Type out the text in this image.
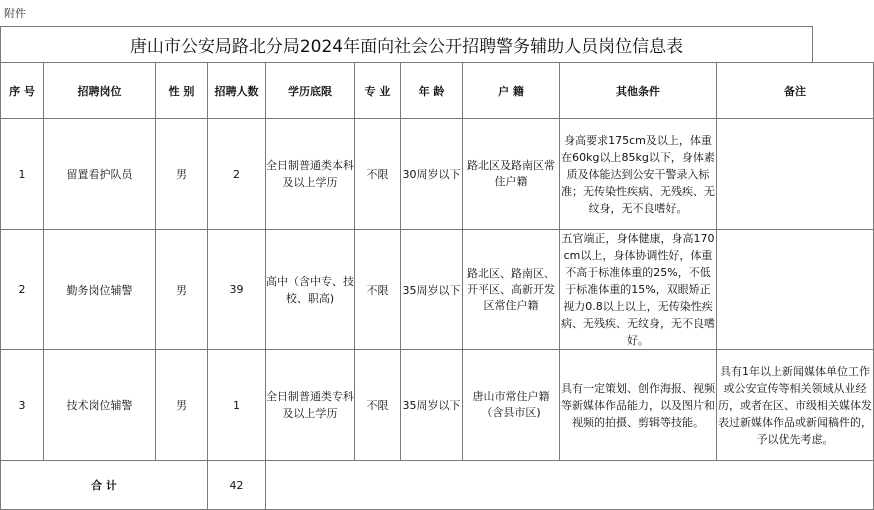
附件
唐山市公安局路北分局2024年面向社会公开招聘警务辅助人员岗位信息表
序 号	招聘岗位	性 别	招聘人数	学历底限	专 业	年 龄	户 籍	其他条件	备注
1	留置看护队员	男	2	全日制普通类本科及以上学历	不限	30周岁以下	路北区及路南区常住户籍	身高要求175cm及以上，体重在60kg以上85kg以下，身体素质及体能达到公安干警录入标准；无传染性疾病、无残疾、无纹身，无不良嗜好。	
2	勤务岗位辅警	男	39	高中（含中专、技校、职高)	不限	35周岁以下	路北区、路南区、开平区、高新开发区常住户籍	五官端正，身体健康，身高170cm以上，身体协调性好，体重不高于标准体重的25%，不低于标准体重的15%，双眼矫正视力0.8以上以上，无传染性疾病、无残疾、无纹身，无不良嗜好。	
3	技术岗位辅警	男	1	全日制普通类专科及以上学历	不限	35周岁以下	唐山市常住户籍（含县市区)	具有一定策划、创作海报、视频等新媒体作品能力，以及图片和视频的拍摄、剪辑等技能。	具有1年以上新闻媒体单位工作或公安宣传等相关领域从业经历，或者在区、市级相关媒体发表过新媒体作品或新闻稿件的，予以优先考虑。
合 计			42						
